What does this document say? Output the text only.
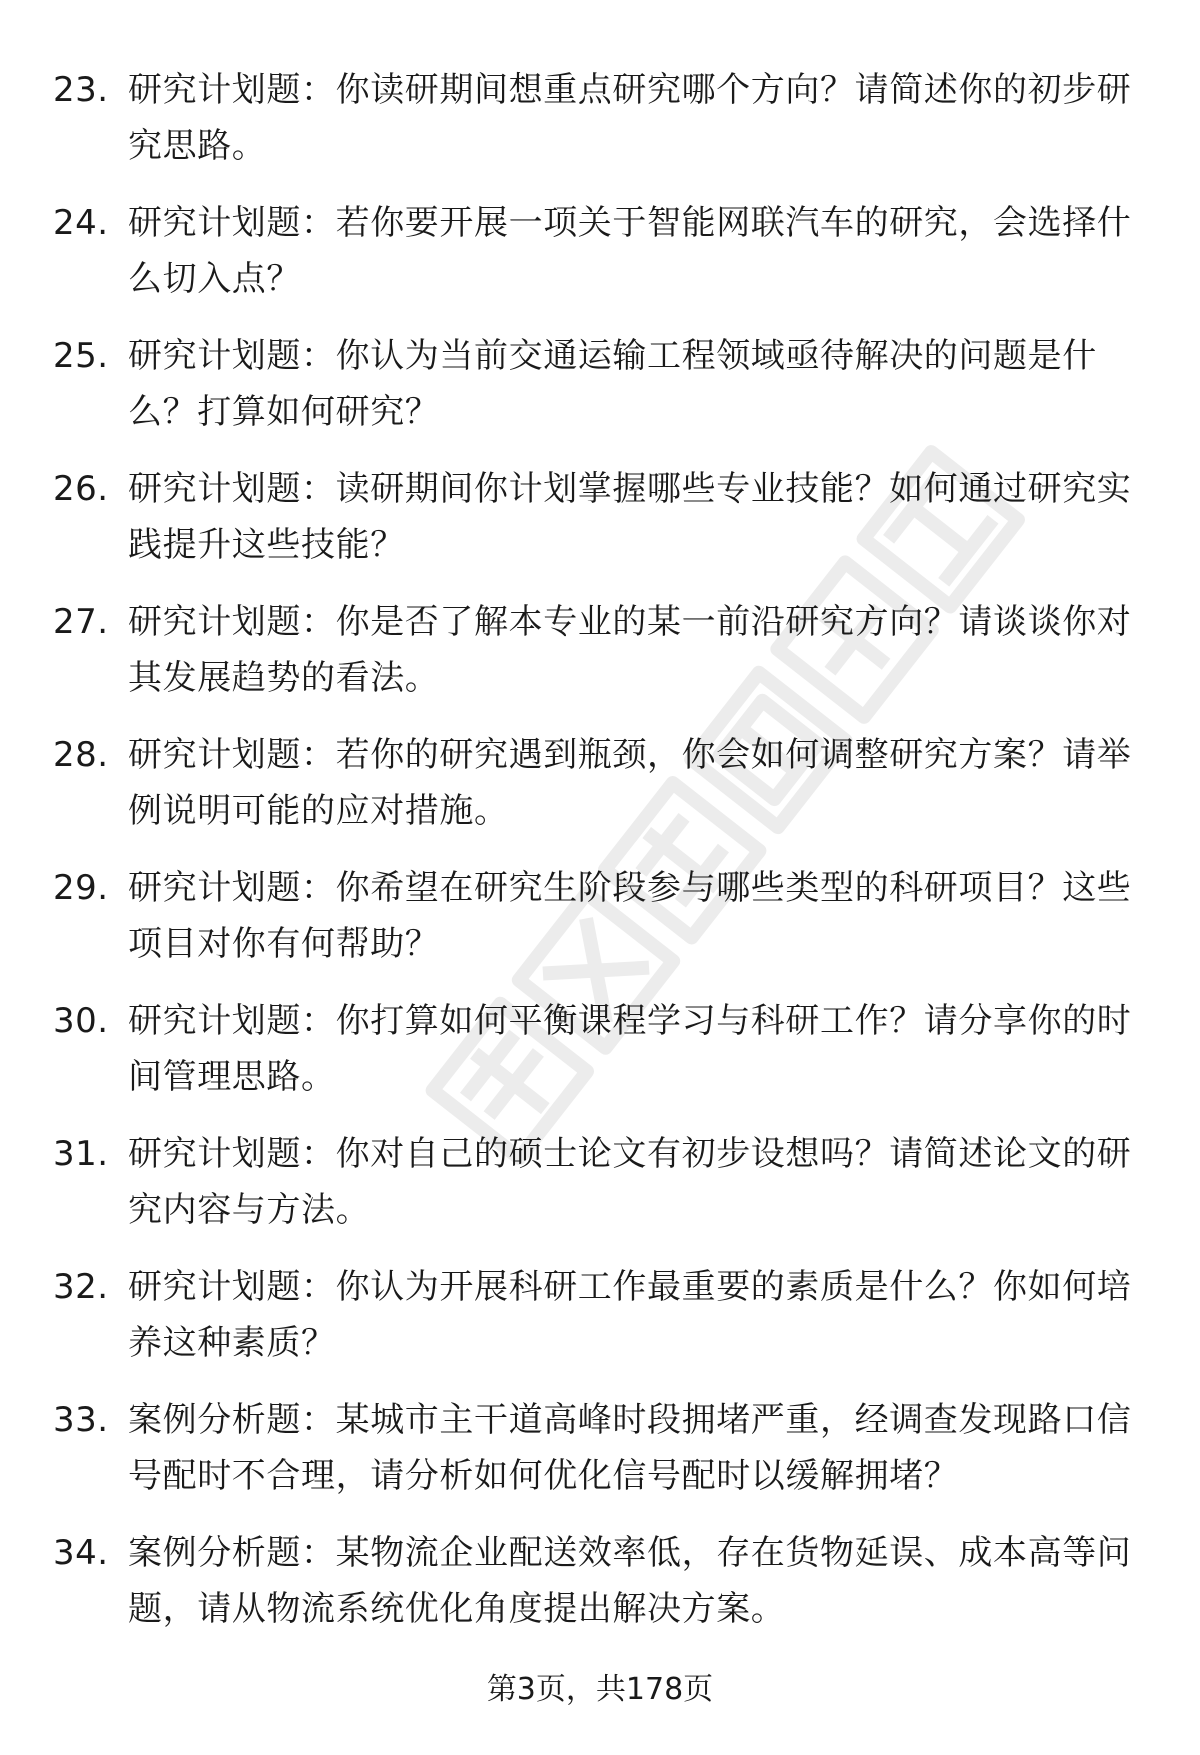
23. 研究计划题：你读研期间想重点研究哪个方向？请简述你的初步研究思路。
24. 研究计划题：若你要开展一项关于智能网联汽车的研究，会选择什么切入点？
25. 研究计划题：你认为当前交通运输工程领域亟待解决的问题是什么？打算如何研究？
26. 研究计划题：读研期间你计划掌握哪些专业技能？如何通过研究实践提升这些技能？
27. 研究计划题：你是否了解本专业的某一前沿研究方向？请谈谈你对其发展趋势的看法。
28. 研究计划题：若你的研究遇到瓶颈，你会如何调整研究方案？请举例说明可能的应对措施。
29. 研究计划题：你希望在研究生阶段参与哪些类型的科研项目？这些项目对你有何帮助？
30. 研究计划题：你打算如何平衡课程学习与科研工作？请分享你的时间管理思路。
31. 研究计划题：你对自己的硕士论文有初步设想吗？请简述论文的研究内容与方法。
32. 研究计划题：你认为开展科研工作最重要的素质是什么？你如何培养这种素质？
33. 案例分析题：某城市主干道高峰时段拥堵严重，经调查发现路口信号配时不合理，请分析如何优化信号配时以缓解拥堵？
34. 案例分析题：某物流企业配送效率低，存在货物延误、成本高等问题，请从物流系统优化角度提出解决方案。
第3页，共178页
